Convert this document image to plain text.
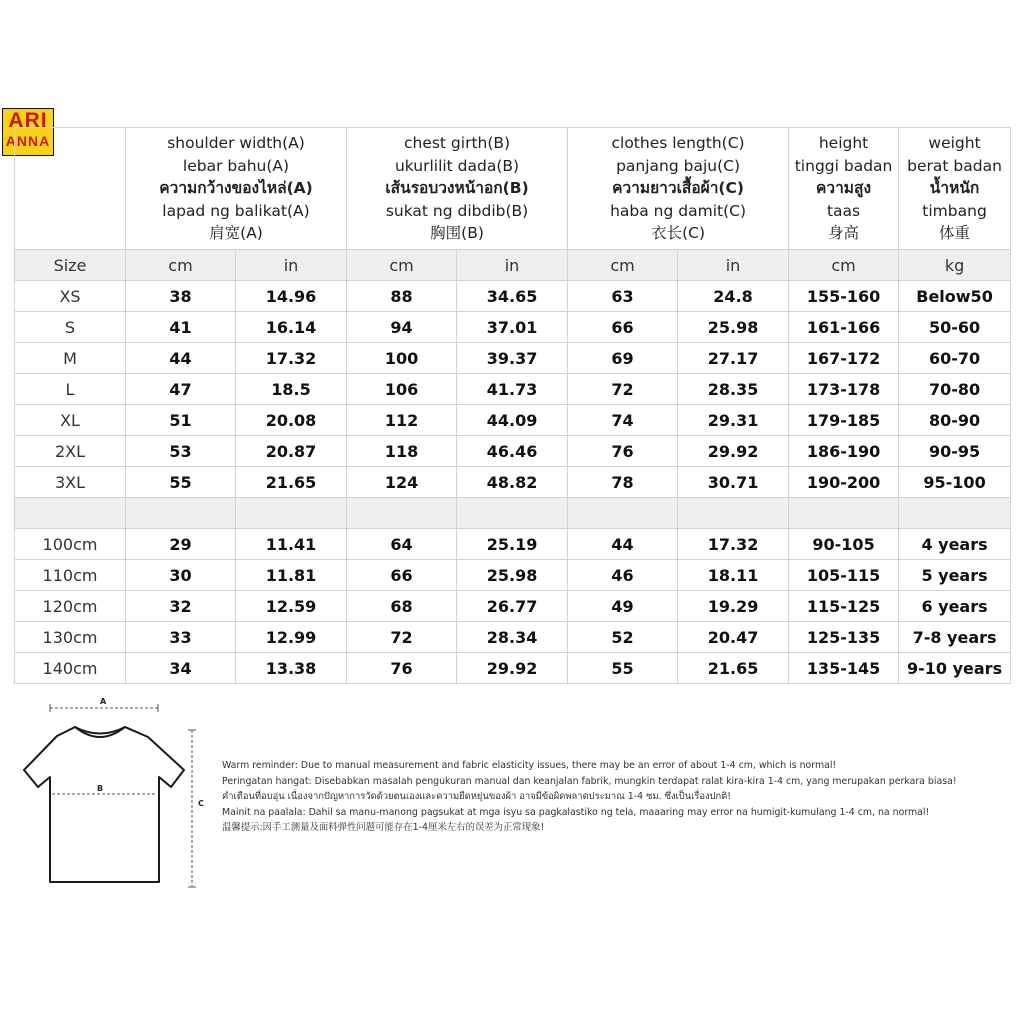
ARI
ANNA

	shoulder width(A)
lebar bahu(A)
ความกว้างของไหล่(A)
lapad ng balikat(A)
肩宽(A)		chest girth(B)
ukurlilit dada(B)
เส้นรอบวงหน้าอก(B)
sukat ng dibdib(B)
胸围(B)		clothes length(C)
panjang baju(C)
ความยาวเสื้อผ้า(C)
haba ng damit(C)
衣长(C)		height
tinggi badan
ความสูง
taas
身高	weight
berat badan
น้ำหนัก
timbang
体重

Size	cm	in	cm	in	cm	in	cm	kg
XS	38	14.96	88	34.65	63	24.8	155-160	Below50
S	41	16.14	94	37.01	66	25.98	161-166	50-60
M	44	17.32	100	39.37	69	27.17	167-172	60-70
L	47	18.5	106	41.73	72	28.35	173-178	70-80
XL	51	20.08	112	44.09	74	29.31	179-185	80-90
2XL	53	20.87	118	46.46	76	29.92	186-190	90-95
3XL	55	21.65	124	48.82	78	30.71	190-200	95-100

100cm	29	11.41	64	25.19	44	17.32	90-105	4 years
110cm	30	11.81	66	25.98	46	18.11	105-115	5 years
120cm	32	12.59	68	26.77	49	19.29	115-125	6 years
130cm	33	12.99	72	28.34	52	20.47	125-135	7-8 years
140cm	34	13.38	76	29.92	55	21.65	135-145	9-10 years
A
B
C
Warm reminder: Due to manual measurement and fabric elasticity issues, there may be an error of about 1-4 cm, which is normal!
Peringatan hangat: Disebabkan masalah pengukuran manual dan keanjalan fabrik, mungkin terdapat ralat kira-kira 1-4 cm, yang merupakan perkara biasa!
คำเตือนที่อบอุ่น เนื่องจากปัญหาการวัดด้วยตนเองและความยืดหยุ่นของผ้า อาจมีข้อผิดพลาดประมาณ 1-4 ซม. ซึ่งเป็นเรื่องปกติ!
Mainit na paalala: Dahil sa manu-manong pagsukat at mga isyu sa pagkalastiko ng tela, maaaring may error na humigit-kumulang 1-4 cm, na normal!
温馨提示:因手工测量及面料弹性问题可能存在1-4厘米左右的误差为正常现象!
